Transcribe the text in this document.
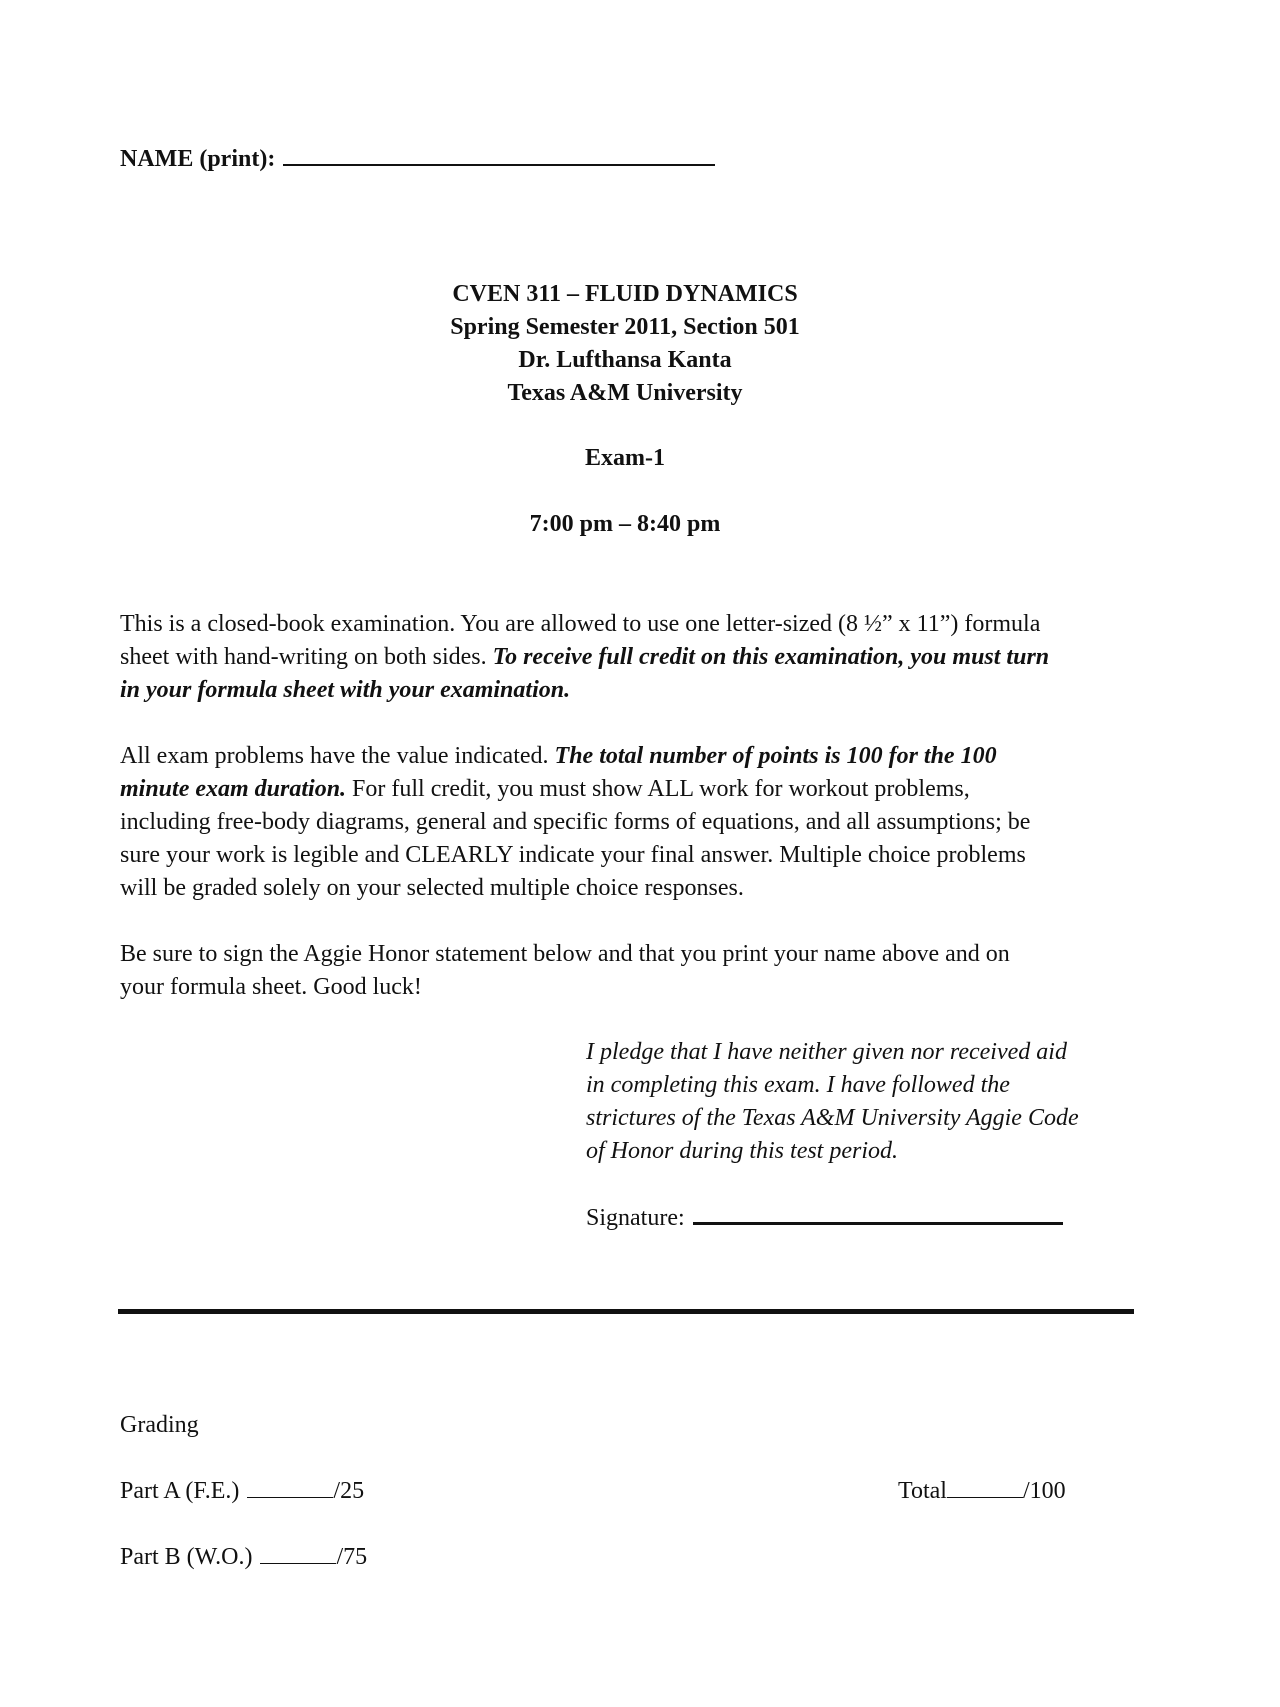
NAME (print):
CVEN 311 – FLUID DYNAMICS
Spring Semester 2011, Section 501
Dr. Lufthansa Kanta
Texas A&M University
Exam-1
7:00 pm – 8:40 pm
This is a closed-book examination. You are allowed to use one letter-sized (8 ½” x 11”) formula
sheet with hand-writing on both sides. To receive full credit on this examination, you must turn
in your formula sheet with your examination.
All exam problems have the value indicated. The total number of points is 100 for the 100
minute exam duration. For full credit, you must show ALL work for workout problems,
including free-body diagrams, general and specific forms of equations, and all assumptions; be
sure your work is legible and CLEARLY indicate your final answer. Multiple choice problems
will be graded solely on your selected multiple choice responses.
Be sure to sign the Aggie Honor statement below and that you print your name above and on
your formula sheet. Good luck!
I pledge that I have neither given nor received aid
in completing this exam. I have followed the
strictures of the Texas A&M University Aggie Code
of Honor during this test period.
Signature:
Grading
Part A (F.E.)	/25
Part B (W.O.)	/75
Total	/100
